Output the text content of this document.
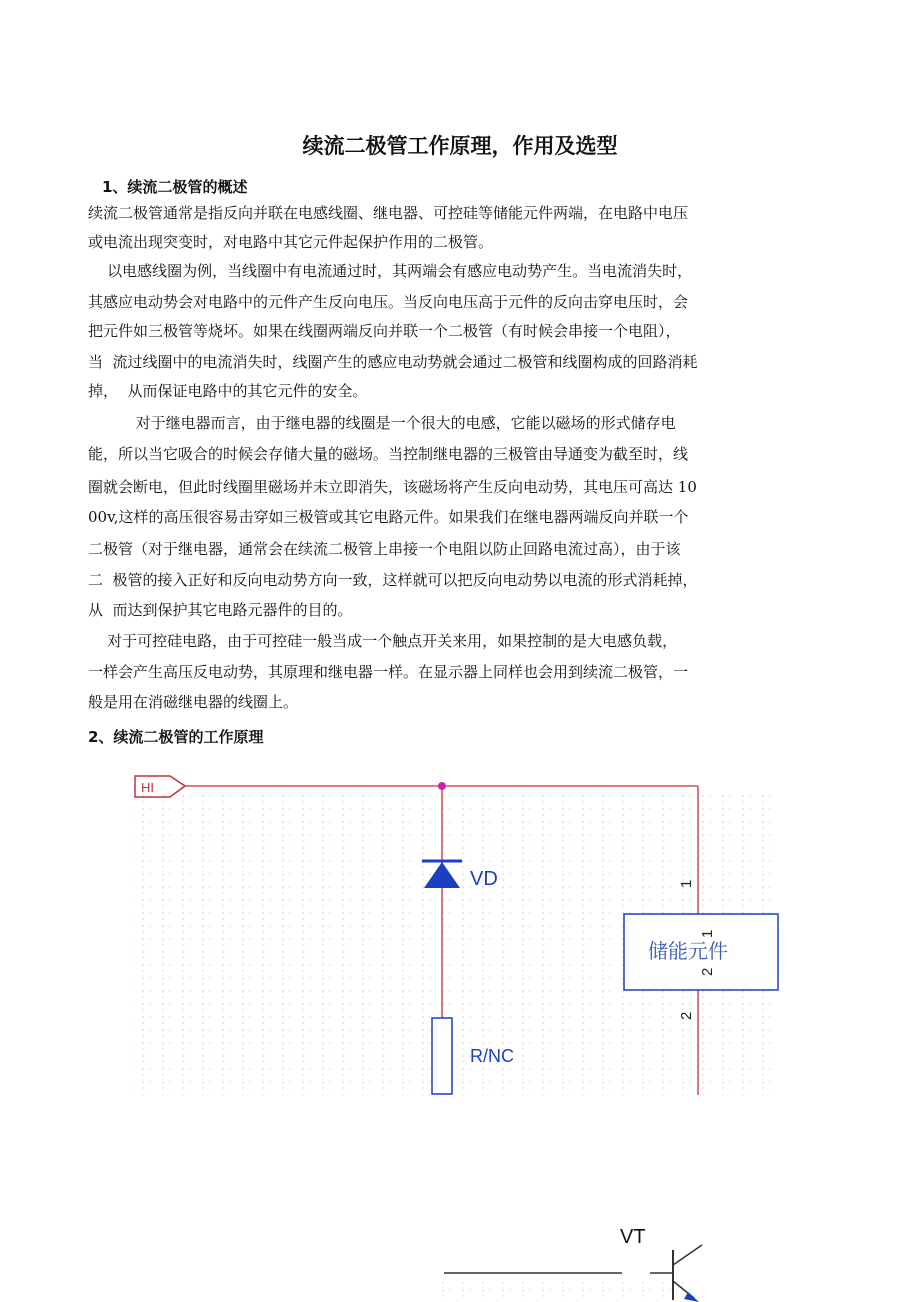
续流二极管工作原理，作用及选型
1、续流二极管的概述
续流二极管通常是指反向并联在电感线圈、继电器、可控硅等储能元件两端，在电路中电压
或电流出现突变时，对电路中其它元件起保护作用的二极管。
以电感线圈为例，当线圈中有电流通过时，其两端会有感应电动势产生。当电流消失时，
其感应电动势会对电路中的元件产生反向电压。当反向电压高于元件的反向击穿电压时，会
把元件如三极管等烧坏。如果在线圈两端反向并联一个二极管（有时候会串接一个电阻），
当  流过线圈中的电流消失时，线圈产生的感应电动势就会通过二极管和线圈构成的回路消耗
掉，  从而保证电路中的其它元件的安全。
对于继电器而言，由于继电器的线圈是一个很大的电感，它能以磁场的形式储存电
能，所以当它吸合的时候会存储大量的磁场。当控制继电器的三极管由导通变为截至时，线
圈就会断电，但此时线圈里磁场并未立即消失，该磁场将产生反向电动势，其电压可高达 10
00v,这样的高压很容易击穿如三极管或其它电路元件。如果我们在继电器两端反向并联一个
二极管（对于继电器，通常会在续流二极管上串接一个电阻以防止回路电流过高），由于该
二  极管的接入正好和反向电动势方向一致，这样就可以把反向电动势以电流的形式消耗掉，
从  而达到保护其它电路元器件的目的。
对于可控硅电路，由于可控硅一般当成一个触点开关来用，如果控制的是大电感负载，
一样会产生高压反电动势，其原理和继电器一样。在显示器上同样也会用到续流二极管，一
般是用在消磁继电器的线圈上。
2、续流二极管的工作原理
HI
VD
R/NC
储能元件
1
1
2
2
VT
